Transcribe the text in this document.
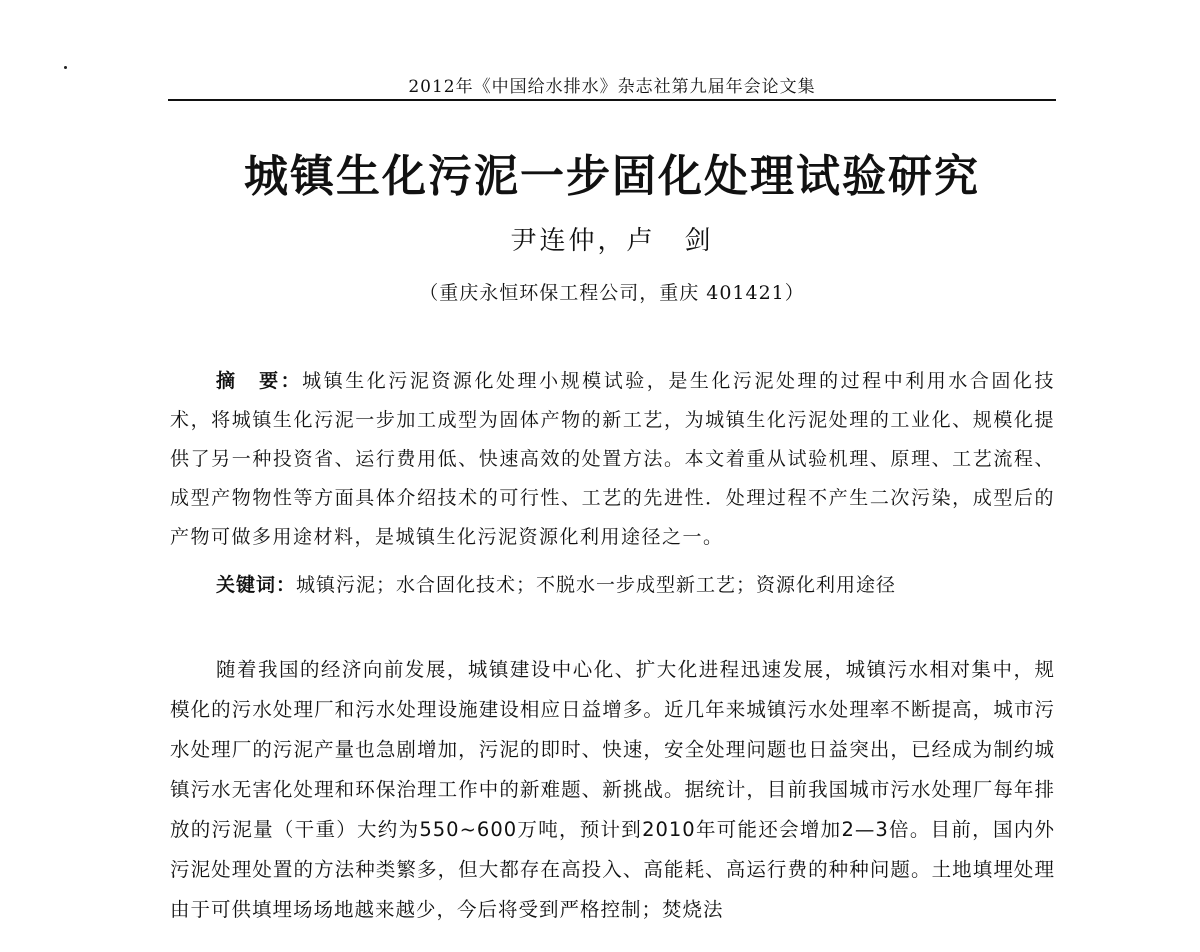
2012年《中国给水排水》杂志社第九届年会论文集
城镇生化污泥一步固化处理试验研究
尹连仲，卢　剑
（重庆永恒环保工程公司，重庆 401421）

摘　要：城镇生化污泥资源化处理小规模试验，是生化污泥处理的过程中利用水合固化技术，将城镇生化污泥一步加工成型为固体产物的新工艺，为城镇生化污泥处理的工业化、规模化提供了另一种投资省、运行费用低、快速高效的处置方法。本文着重从试验机理、原理、工艺流程、成型产物物性等方面具体介绍技术的可行性、工艺的先进性．处理过程不产生二次污染，成型后的产物可做多用途材料，是城镇生化污泥资源化利用途径之一。

关键词：城镇污泥；水合固化技术；不脱水一步成型新工艺；资源化利用途径

随着我国的经济向前发展，城镇建设中心化、扩大化进程迅速发展，城镇污水相对集中，规模化的污水处理厂和污水处理设施建设相应日益增多。近几年来城镇污水处理率不断提高，城市污水处理厂的污泥产量也急剧增加，污泥的即时、快速，安全处理问题也日益突出，已经成为制约城镇污水无害化处理和环保治理工作中的新难题、新挑战。据统计，目前我国城市污水处理厂每年排放的污泥量（干重）大约为550~600万吨，预计到2010年可能还会增加2—3倍。目前，国内外污泥处理处置的方法种类繁多，但大都存在高投入、高能耗、高运行费的种种问题。土地填埋处理由于可供填埋场场地越来越少，今后将受到严格控制；焚烧法
